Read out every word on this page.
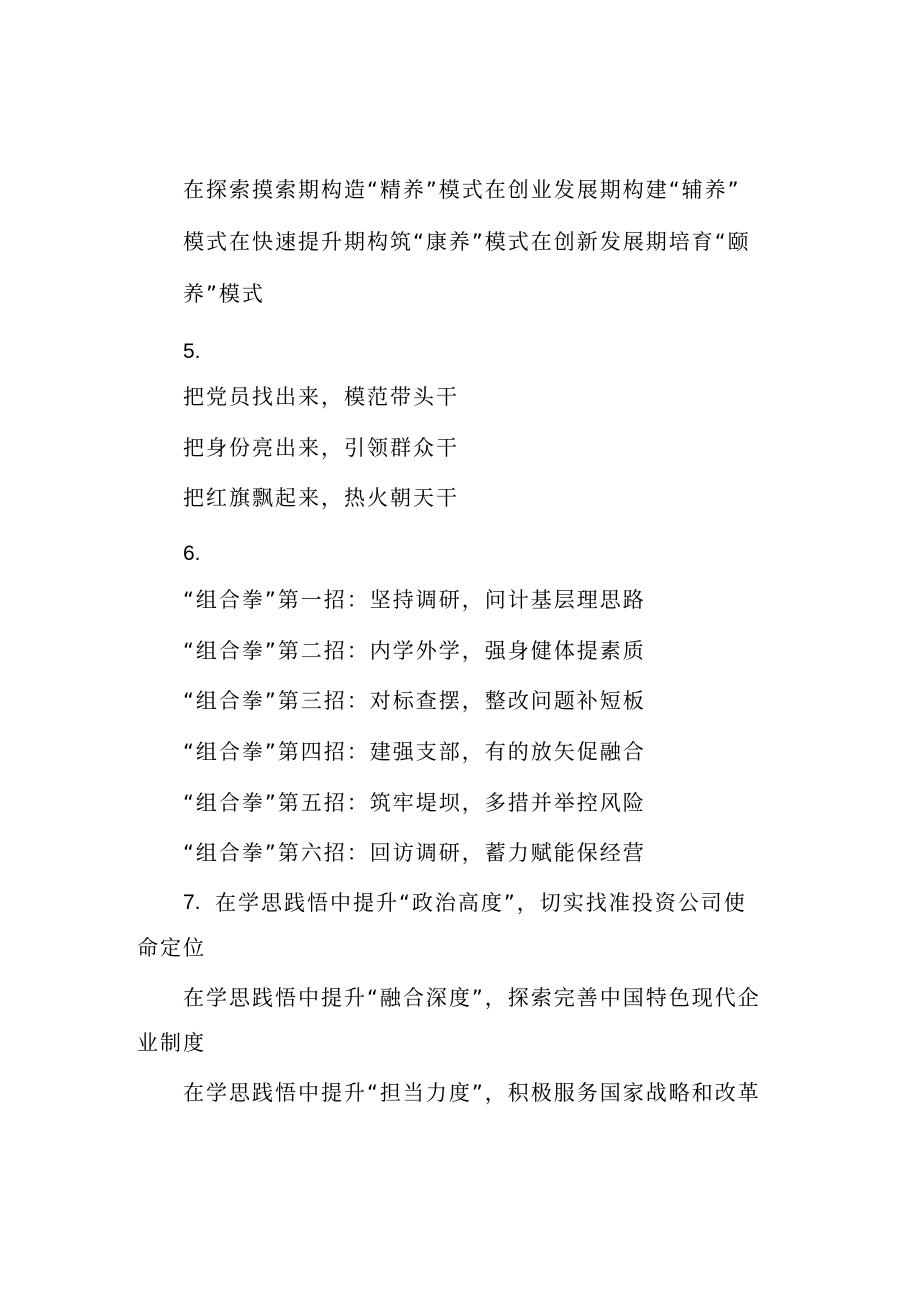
在探索摸索期构造“精养”模式在创业发展期构建“辅养”
模式在快速提升期构筑“康养”模式在创新发展期培育“颐
养”模式
5.
把党员找出来，模范带头干
把身份亮出来，引领群众干
把红旗飘起来，热火朝天干
6.
“组合拳”第一招：坚持调研，问计基层理思路
“组合拳”第二招：内学外学，强身健体提素质
“组合拳”第三招：对标查摆，整改问题补短板
“组合拳”第四招：建强支部，有的放矢促融合
“组合拳”第五招：筑牢堤坝，多措并举控风险
“组合拳”第六招：回访调研，蓄力赋能保经营
7. 在学思践悟中提升“政治高度”，切实找准投资公司使
命定位
在学思践悟中提升“融合深度”，探索完善中国特色现代企
业制度
在学思践悟中提升“担当力度”，积极服务国家战略和改革
